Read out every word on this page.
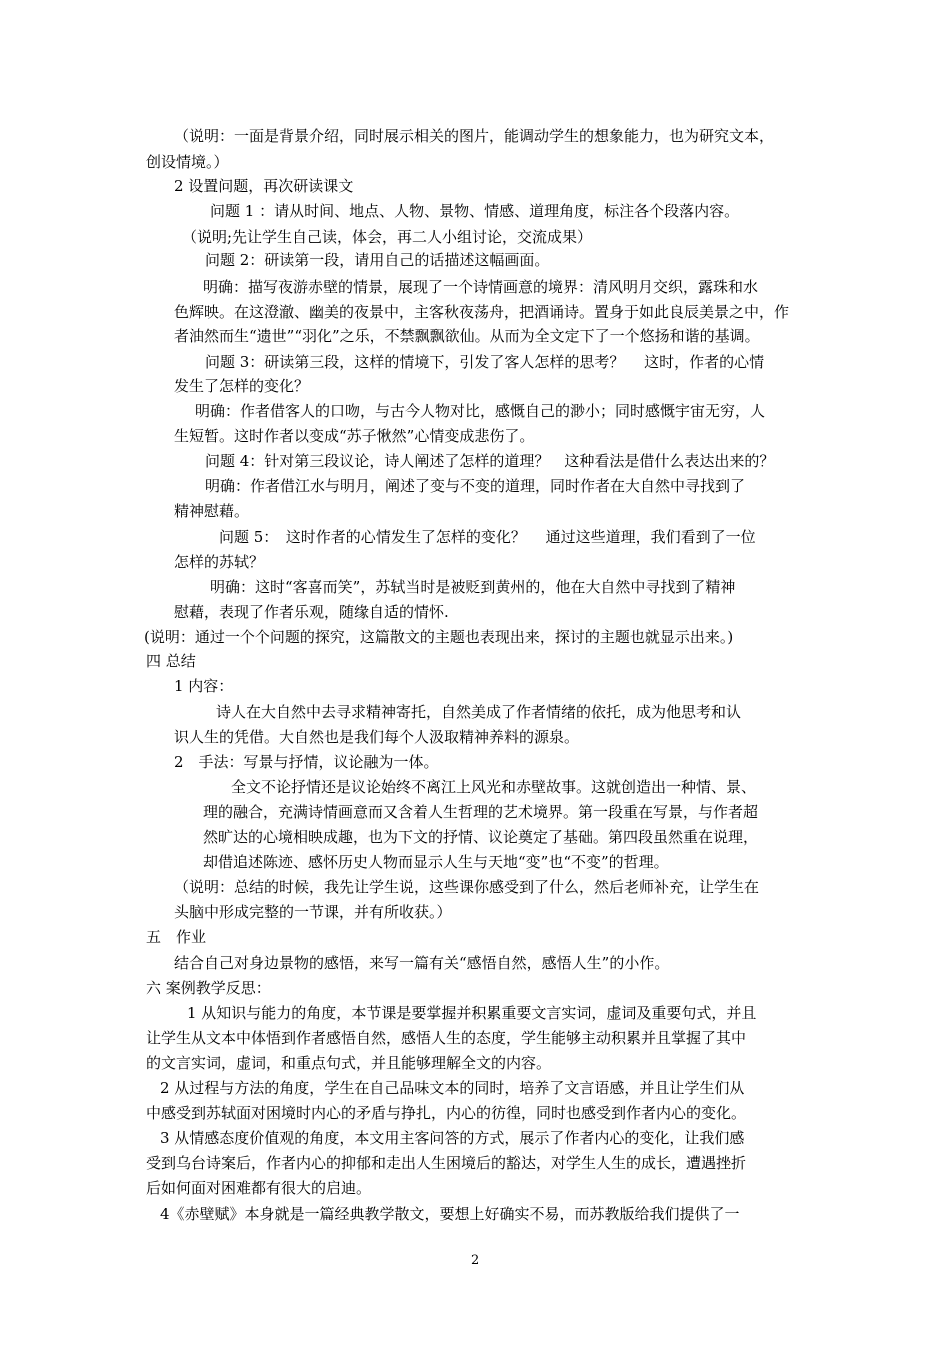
（说明：一面是背景介绍，同时展示相关的图片，能调动学生的想象能力，也为研究文本，
创设情境。）
2 设置问题，再次研读课文
问题 1 ：请从时间、地点、人物、景物、情感、道理角度，标注各个段落内容。
（说明;先让学生自己读，体会，再二人小组讨论，交流成果）
问题 2：研读第一段，请用自己的话描述这幅画面。
明确：描写夜游赤壁的情景，展现了一个诗情画意的境界：清风明月交织，露珠和水
色辉映。在这澄澈、幽美的夜景中，主客秋夜荡舟，把酒诵诗。置身于如此良辰美景之中，作
者油然而生“遗世”“羽化”之乐，不禁飘飘欲仙。从而为全文定下了一个悠扬和谐的基调。
问题 3：研读第三段，这样的情境下，引发了客人怎样的思考？　 这时，作者的心情
发生了怎样的变化？
明确：作者借客人的口吻，与古今人物对比，感慨自己的渺小；同时感慨宇宙无穷，人
生短暂。这时作者以变成“苏子愀然”心情变成悲伤了。
问题 4：针对第三段议论，诗人阐述了怎样的道理？　这种看法是借什么表达出来的？
明确：作者借江水与明月，阐述了变与不变的道理，同时作者在大自然中寻找到了
精神慰藉。
问题 5：　这时作者的心情发生了怎样的变化？　 通过这些道理，我们看到了一位
怎样的苏轼？
明确：这时“客喜而笑”，苏轼当时是被贬到黄州的，他在大自然中寻找到了精神
慰藉，表现了作者乐观，随缘自适的情怀.
(说明：通过一个个问题的探究，这篇散文的主题也表现出来，探讨的主题也就显示出来。)
四 总结
1 内容：
诗人在大自然中去寻求精神寄托，自然美成了作者情绪的依托，成为他思考和认
识人生的凭借。大自然也是我们每个人汲取精神养料的源泉。
2　手法：写景与抒情，议论融为一体。
全文不论抒情还是议论始终不离江上风光和赤壁故事。这就创造出一种情、景、
理的融合，充满诗情画意而又含着人生哲理的艺术境界。第一段重在写景，与作者超
然旷达的心境相映成趣，也为下文的抒情、议论奠定了基础。第四段虽然重在说理，
却借追述陈迹、感怀历史人物而显示人生与天地“变”也“不变”的哲理。
（说明：总结的时候，我先让学生说，这些课你感受到了什么，然后老师补充，让学生在
头脑中形成完整的一节课，并有所收获。）
五　作业
结合自己对身边景物的感悟，来写一篇有关“感悟自然，感悟人生”的小作。
六 案例教学反思：
1 从知识与能力的角度，本节课是要掌握并积累重要文言实词，虚词及重要句式，并且
让学生从文本中体悟到作者感悟自然，感悟人生的态度，学生能够主动积累并且掌握了其中
的文言实词，虚词，和重点句式，并且能够理解全文的内容。
2 从过程与方法的角度，学生在自己品味文本的同时，培养了文言语感，并且让学生们从
中感受到苏轼面对困境时内心的矛盾与挣扎，内心的彷徨，同时也感受到作者内心的变化。
3 从情感态度价值观的角度，本文用主客问答的方式，展示了作者内心的变化，让我们感
受到乌台诗案后，作者内心的抑郁和走出人生困境后的豁达，对学生人生的成长，遭遇挫折
后如何面对困难都有很大的启迪。
4《赤壁赋》本身就是一篇经典教学散文，要想上好确实不易，而苏教版给我们提供了一
2
